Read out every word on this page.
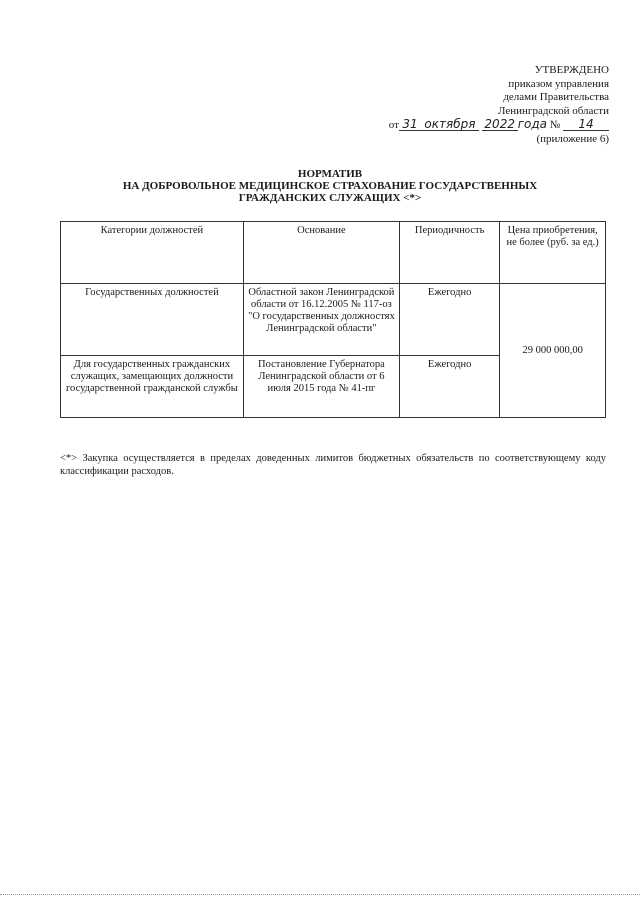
УТВЕРЖДЕНО
приказом управления
делами Правительства
Ленинградской области
от 31 октября 2022 года № 14
(приложение 6)
НОРМАТИВ
НА ДОБРОВОЛЬНОЕ МЕДИЦИНСКОЕ СТРАХОВАНИЕ ГОСУДАРСТВЕННЫХ
ГРАЖДАНСКИХ СЛУЖАЩИХ <*>
Категории должностей	Основание	Периодичность	Цена приобретения, не более (руб. за ед.)
Государственных должностей	Областной закон Ленинградской области от 16.12.2005 № 117-оз "О государственных должностях Ленинградской области"	Ежегодно	29 000 000,00
Для государственных гражданских служащих, замещающих должности государственной гражданской службы	Постановление Губернатора Ленинградской области от 6 июля 2015 года № 41-пг	Ежегодно	
<*> Закупка осуществляется в пределах доведенных лимитов бюджетных обязательств по соответствующему коду классификации расходов.
